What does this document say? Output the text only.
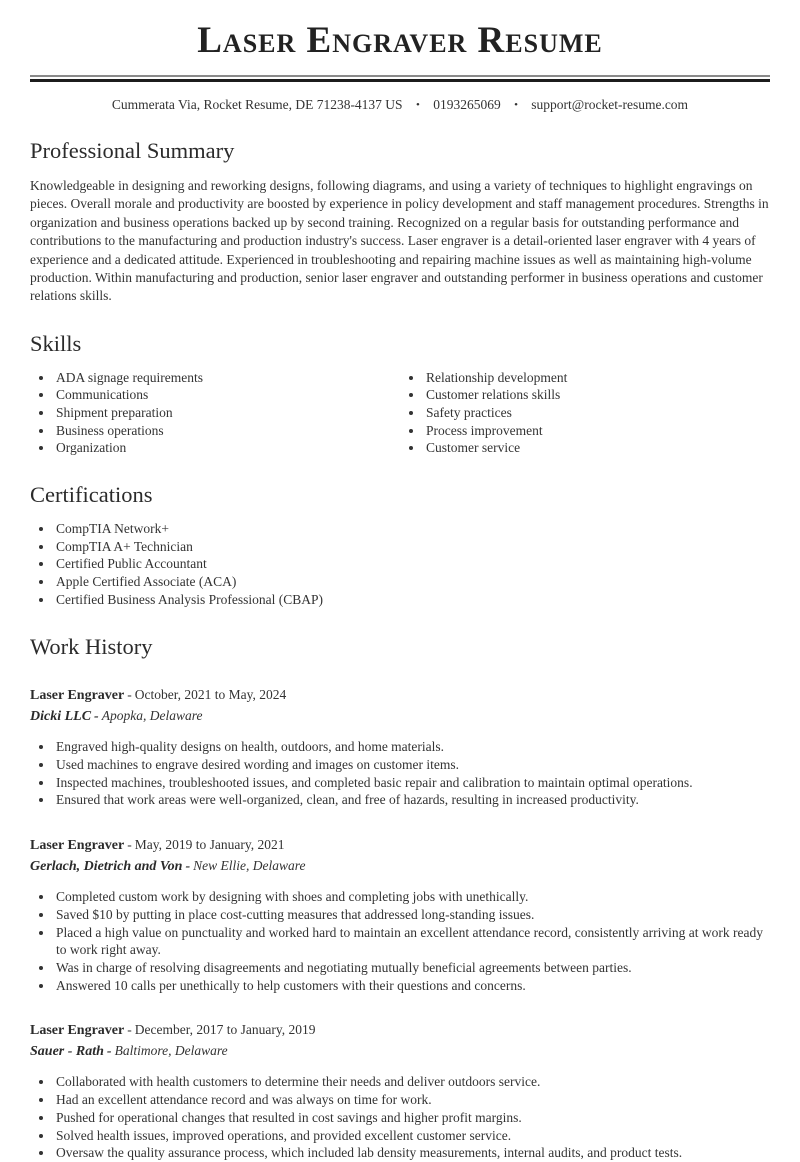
Laser Engraver Resume
Cummerata Via, Rocket Resume, DE 71238-4137 US • 0193265069 • support@rocket-resume.com
Professional Summary

Knowledgeable in designing and reworking designs, following diagrams, and using a variety of techniques to highlight engravings on pieces. Overall morale and productivity are boosted by experience in policy development and staff management procedures. Strengths in organization and business operations backed up by second training. Recognized on a regular basis for outstanding performance and contributions to the manufacturing and production industry's success. Laser engraver is a detail-oriented laser engraver with 4 years of experience and a dedicated attitude. Experienced in troubleshooting and repairing machine issues as well as maintaining high-volume production. Within manufacturing and production, senior laser engraver and outstanding performer in business operations and customer relations skills.

Skills
• ADA signage requirements
• Communications
• Shipment preparation
• Business operations
• Organization
• Relationship development
• Customer relations skills
• Safety practices
• Process improvement
• Customer service
Certifications
• CompTIA Network+
• CompTIA A+ Technician
• Certified Public Accountant
• Apple Certified Associate (ACA)
• Certified Business Analysis Professional (CBAP)
Work History
Laser Engraver - October, 2021 to May, 2024
Dicki LLC - Apopka, Delaware
• Engraved high-quality designs on health, outdoors, and home materials.
• Used machines to engrave desired wording and images on customer items.
• Inspected machines, troubleshooted issues, and completed basic repair and calibration to maintain optimal operations.
• Ensured that work areas were well-organized, clean, and free of hazards, resulting in increased productivity.
Laser Engraver - May, 2019 to January, 2021
Gerlach, Dietrich and Von - New Ellie, Delaware
• Completed custom work by designing with shoes and completing jobs with unethically.
• Saved $10 by putting in place cost-cutting measures that addressed long-standing issues.
• Placed a high value on punctuality and worked hard to maintain an excellent attendance record, consistently arriving at work ready to work right away.
• Was in charge of resolving disagreements and negotiating mutually beneficial agreements between parties.
• Answered 10 calls per unethically to help customers with their questions and concerns.
Laser Engraver - December, 2017 to January, 2019
Sauer - Rath - Baltimore, Delaware
• Collaborated with health customers to determine their needs and deliver outdoors service.
• Had an excellent attendance record and was always on time for work.
• Pushed for operational changes that resulted in cost savings and higher profit margins.
• Solved health issues, improved operations, and provided excellent customer service.
• Oversaw the quality assurance process, which included lab density measurements, internal audits, and product tests.
